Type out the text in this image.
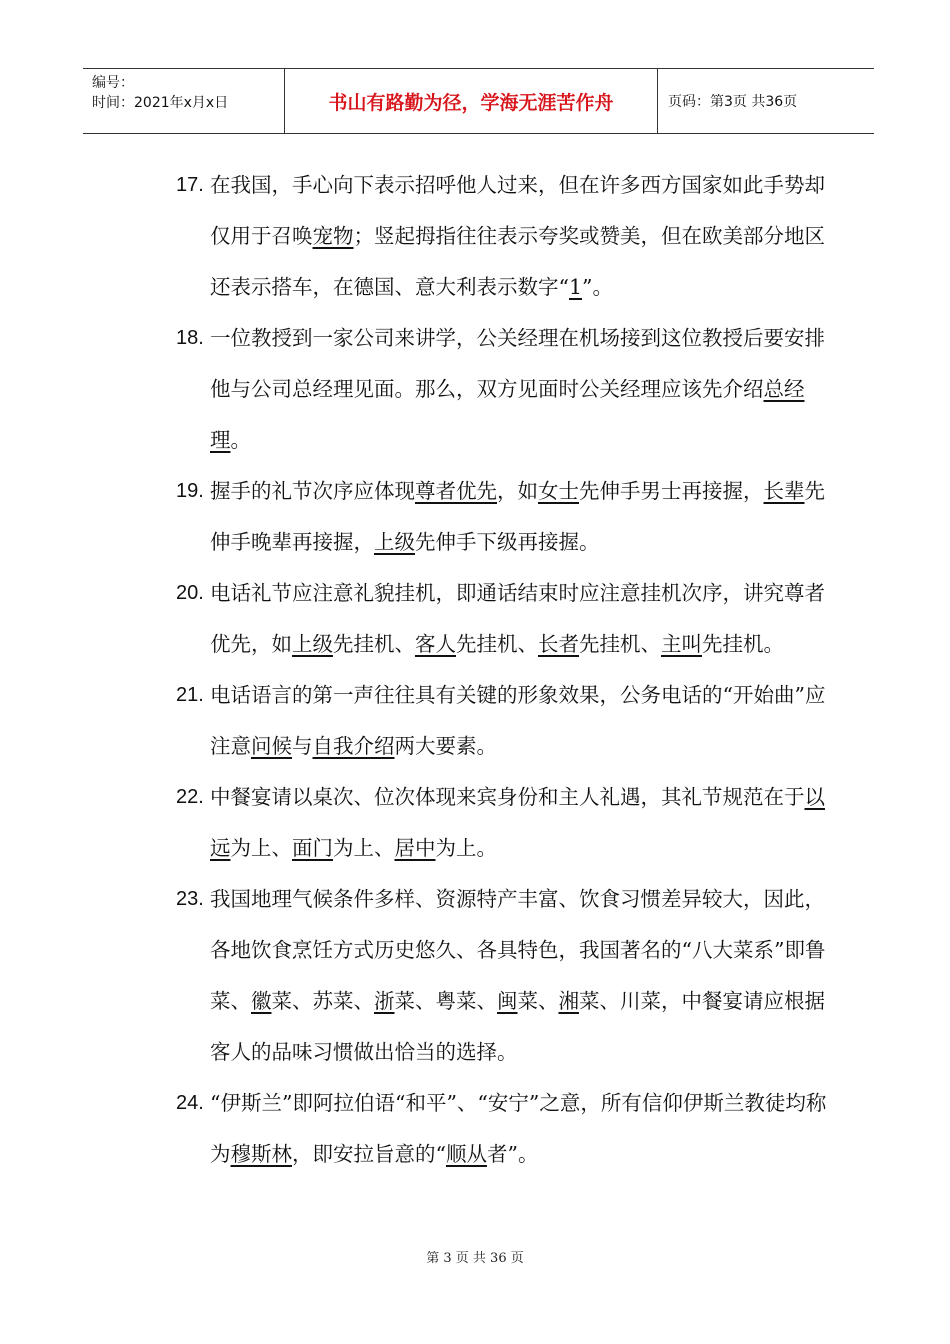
编号：
时间：2021年x月x日	书山有路勤为径，学海无涯苦作舟	页码：第3页 共36页
17. 在我国，手心向下表示招呼他人过来，但在许多西方国家如此手势却仅用于召唤宠物；竖起拇指往往表示夸奖或赞美，但在欧美部分地区还表示搭车，在德国、意大利表示数字“1”。
18. 一位教授到一家公司来讲学，公关经理在机场接到这位教授后要安排他与公司总经理见面。那么，双方见面时公关经理应该先介绍总经理。
19. 握手的礼节次序应体现尊者优先，如女士先伸手男士再接握，长辈先伸手晚辈再接握，上级先伸手下级再接握。
20. 电话礼节应注意礼貌挂机，即通话结束时应注意挂机次序，讲究尊者优先，如上级先挂机、客人先挂机、长者先挂机、主叫先挂机。
21. 电话语言的第一声往往具有关键的形象效果，公务电话的“开始曲”应注意问候与自我介绍两大要素。
22. 中餐宴请以桌次、位次体现来宾身份和主人礼遇，其礼节规范在于以远为上、面门为上、居中为上。
23. 我国地理气候条件多样、资源特产丰富、饮食习惯差异较大，因此，各地饮食烹饪方式历史悠久、各具特色，我国著名的“八大菜系”即鲁菜、徽菜、苏菜、浙菜、粤菜、闽菜、湘菜、川菜，中餐宴请应根据客人的品味习惯做出恰当的选择。
24. “伊斯兰”即阿拉伯语“和平”、“安宁”之意，所有信仰伊斯兰教徒均称为穆斯林，即安拉旨意的“顺从者”。
第 3 页 共 36 页
